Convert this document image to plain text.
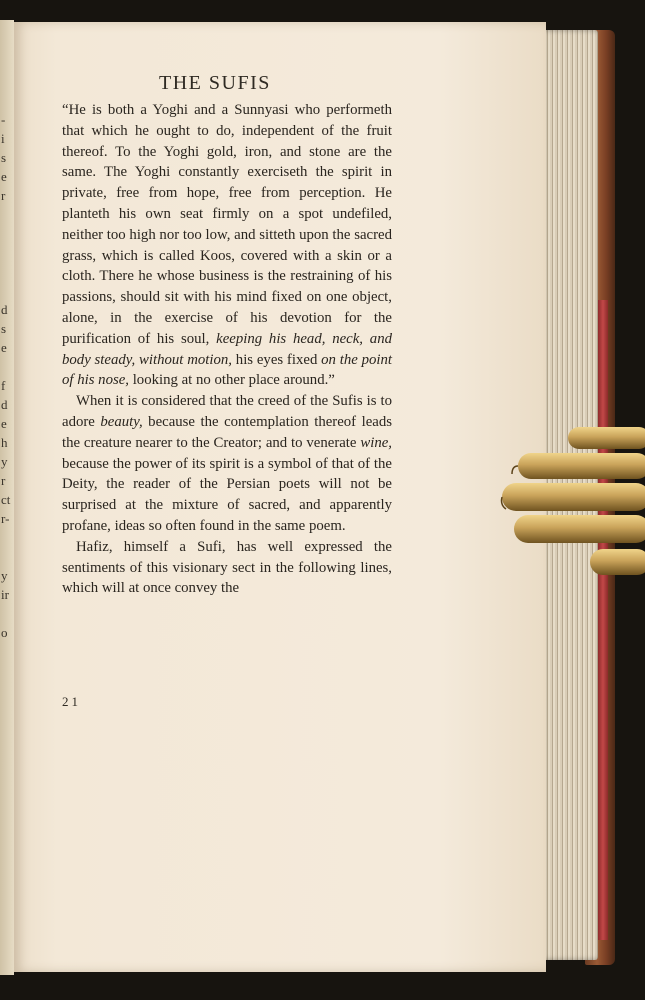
-
i
s
e
r

d
s
e

f
d
e
h
y
r
ct
r-

y
ir

o
THE SUFIS

“He is both a Yoghi and a Sunnyasi who performeth that which he ought to do, independent of the fruit thereof. To the Yoghi gold, iron, and stone are the same. The Yoghi constantly exerciseth the spirit in private, free from hope, free from perception. He planteth his own seat firmly on a spot undefiled, neither too high nor too low, and sitteth upon the sacred grass, which is called Koos, covered with a skin or a cloth. There he whose business is the restraining of his passions, should sit with his mind fixed on one object, alone, in the exercise of his devotion for the purification of his soul, keeping his head, neck, and body steady, without motion, his eyes fixed on the point of his nose, looking at no other place around.”

When it is considered that the creed of the Sufis is to adore beauty, because the contemplation thereof leads the creature nearer to the Creator; and to venerate wine, because the power of its spirit is a symbol of that of the Deity, the reader of the Persian poets will not be surprised at the mixture of sacred, and apparently profane, ideas so often found in the same poem.

Hafiz, himself a Sufi, has well expressed the sentiments of this visionary sect in the following lines, which will at once convey the

21
